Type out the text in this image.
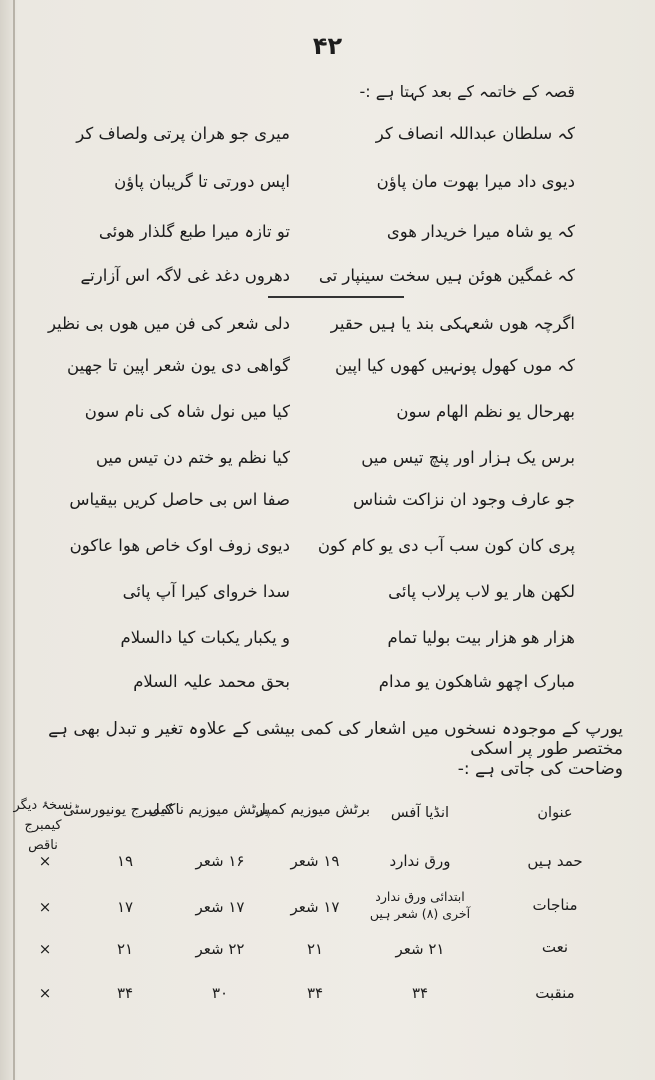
۴۲
قصہ کے خاتمہ کے بعد کہتا ہے :-
کہ سلطان عبداللہ انصاف کر
میری جو هران پرتی ولصاف کر
دیوی داد میرا بھوت مان پاؤن
اپس دورتی تا گریبان پاؤن
کہ یو شاہ میرا خریدار هوی
تو تازہ میرا طبع گلذار هوئی
کہ غمگین هوئن ہیں سخت سینپار تی
دهروں دغد غی لاگہ اس آزارتے
اگرچہ هوں شعہکی بند یا ہیں حقیر
دلی شعر کی فن میں هوں بی نظیر
کہ موں کھول پونہیں کھوں کیا اپین
گواهی دی یون شعر اپین تا جھین
بھرحال یو نظم الھام سون
کیا میں نول شاہ کی نام سون
برس یک ہزار اور پنچ تیس میں
کیا نظم یو ختم دن تیس میں
جو عارف وجود ان نزاکت شناس
صفا اس بی حاصل کریں بیقیاس
پری کان کون سب آب دی یو کام کون
دیوی زوف اوک خاص هوا عاکون
لکھن ھار یو لاب پرلاب پائی
سدا خروای کیرا آپ پائی
هزار هو هزار بیت بولیا تمام
و یکبار یکبات کیا دالسلام
مبارک اچھو شاهکون یو مدام
بحق محمد علیہ السلام
یورپ کے موجودہ نسخوں میں اشعار کی کمی بیشی کے علاوہ تغیر و تبدل بھی ہے مختصر طور پر اسکی
وضاحت کی جاتی ہے :-
عنوان
انڈیا آفس
برٹش میوزیم کمپل
برٹش میوزیم ناکمل
کیمبرج یونیورسٹی
نسخۂ دیگر کیمبرج ناقص
حمد ہیں
ورق ندارد
۱۹ شعر
۱۶ شعر
۱۹
×
مناجات
ابتدائی ورق ندارد آخری (۸) شعر ہیں
۱۷ شعر
۱۷ شعر
۱۷
×
نعت
۲۱ شعر
۲۱
۲۲ شعر
۲۱
×
منقبت
۳۴
۳۴
۳۰
۳۴
×
